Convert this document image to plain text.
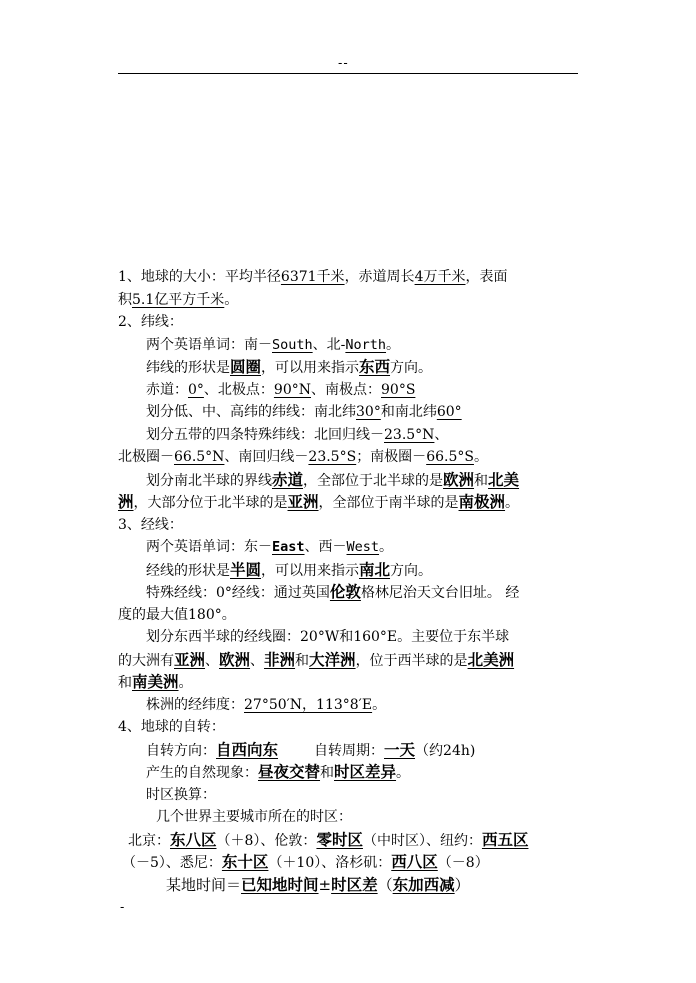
--
1、地球的大小：平均半径6371千米，赤道周长4万千米，表面
积5.1亿平方千米。
2、纬线：
两个英语单词：南－South、北-North。
纬线的形状是圆圈，可以用来指示东西方向。
赤道：0°、北极点：90°N、南极点：90°S
划分低、中、高纬的纬线：南北纬30°和南北纬60°
划分五带的四条特殊纬线：北回归线－23.5°N、
北极圈－66.5°N、南回归线－23.5°S；南极圈－66.5°S。
划分南北半球的界线赤道，全部位于北半球的是欧洲和北美
洲，大部分位于北半球的是亚洲，全部位于南半球的是南极洲。
3、经线：
两个英语单词：东－East、西－West。
经线的形状是半圆，可以用来指示南北方向。
特殊经线：0°经线：通过英国伦敦格林尼治天文台旧址。 经
度的最大值180°。
划分东西半球的经线圈：20°W和160°E。主要位于东半球
的大洲有亚洲、欧洲、非洲和大洋洲，位于西半球的是北美洲
和南美洲。
株洲的经纬度：27°50′N，113°8′E。
4、地球的自转：
自转方向：自西向东	自转周期：一天（约24h)
产生的自然现象：昼夜交替和时区差异。
时区换算：
几个世界主要城市所在的时区：
北京：东八区（＋8）、伦敦：零时区（中时区）、纽约：西五区
（－5）、悉尼：东十区（＋10）、洛杉矶：西八区（－8）
某地时间＝已知地时间±时区差（东加西减）
-
